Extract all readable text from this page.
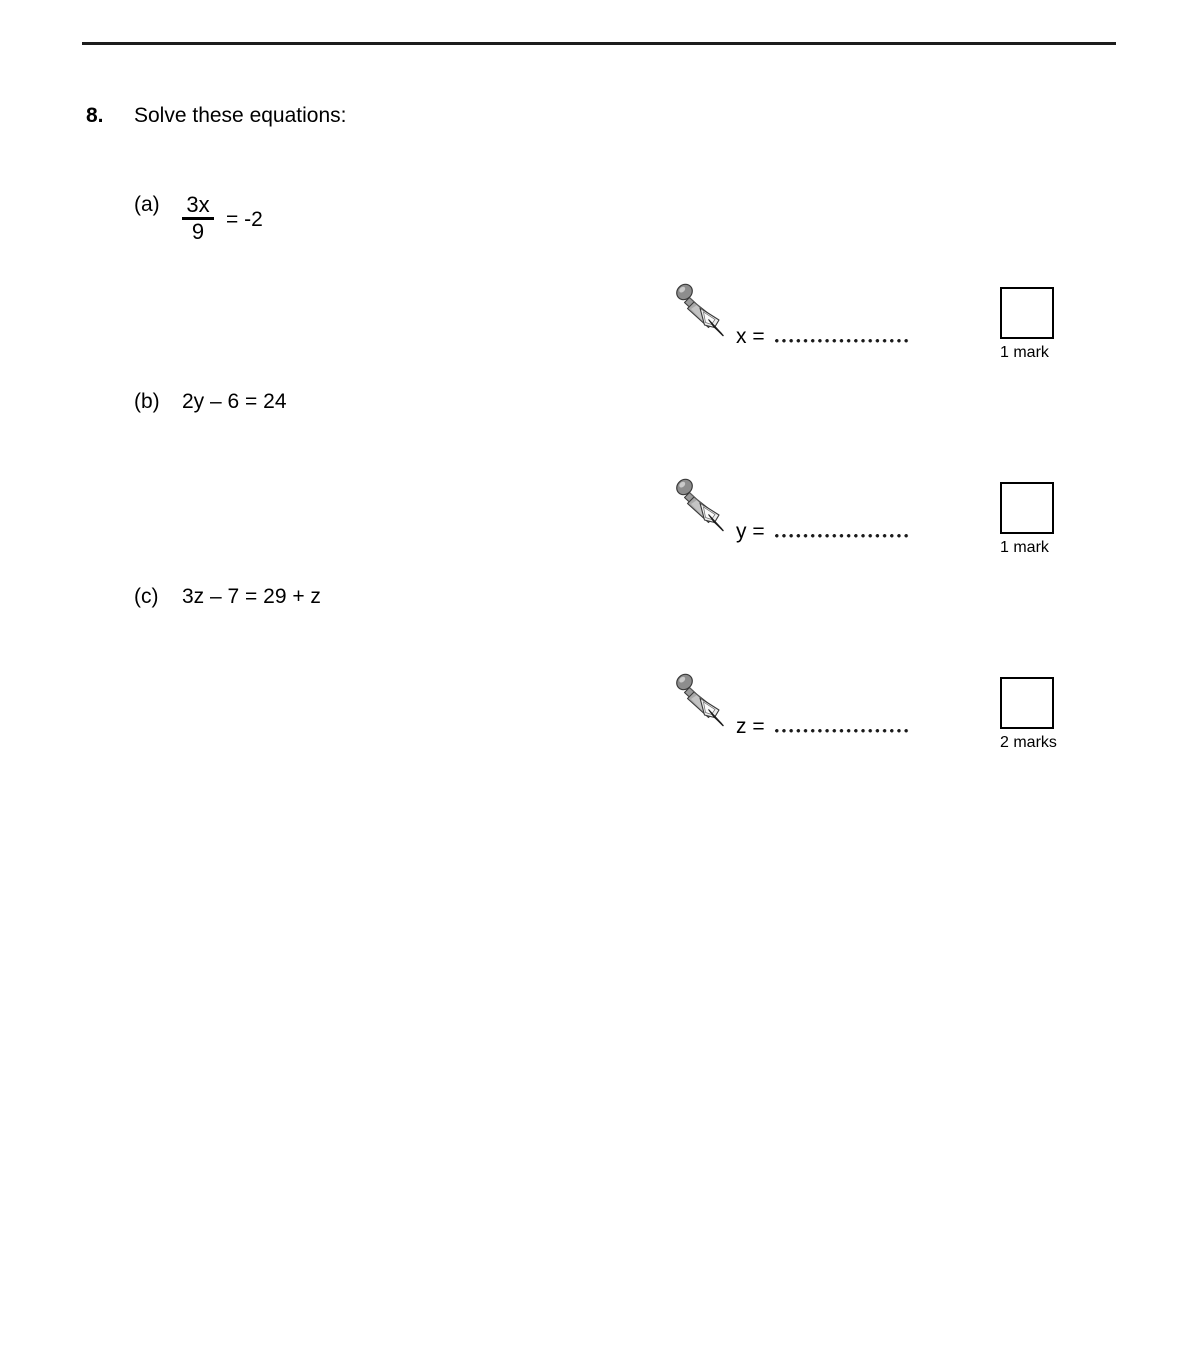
8.	Solve these equations:
(a)	$\frac{3x}{9} = -2$
(b)	2y – 6 = 24
(c)	3z – 7 = 29 + z
x =
1 mark
y =
1 mark
z =
2 marks
